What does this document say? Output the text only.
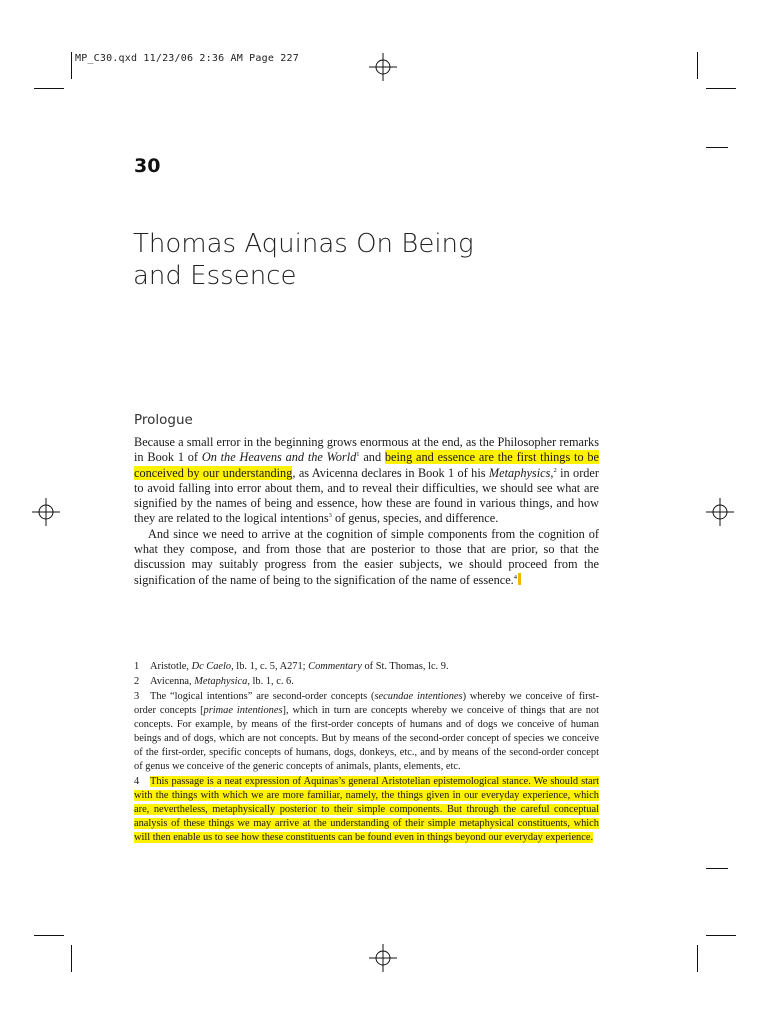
MP_C30.qxd 11/23/06 2:36 AM Page 227
30
Thomas Aquinas On Being
and Essence
Prologue

Because a small error in the beginning grows enormous at the end, as the Philosopher remarks in Book 1 of On the Heavens and the World$^1$ and being and essence are the first things to be conceived by our understanding, as Avicenna declares in Book 1 of his Metaphysics,$^2$ in order to avoid falling into error about them, and to reveal their difficulties, we should see what are signified by the names of being and essence, how these are found in various things, and how they are related to the logical intentions$^3$ of genus, species, and difference.

And since we need to arrive at the cognition of simple components from the cognition of what they compose, and from those that are posterior to those that are prior, so that the discussion may suitably progress from the easier subjects, we should proceed from the signification of the name of being to the signification of the name of essence.$^4$

1 Aristotle, Dc Caelo, lb. 1, c. 5, A271; Commentary of St. Thomas, lc. 9.
2 Avicenna, Metaphysica, lb. 1, c. 6.
3 The “logical intentions” are second-order concepts (secundae intentiones) whereby we conceive of first-order concepts [primae intentiones], which in turn are concepts whereby we conceive of things that are not concepts. For example, by means of the first-order concepts of humans and of dogs we conceive of human beings and of dogs, which are not concepts. But by means of the second-order concept of species we conceive of the first-order, specific concepts of humans, dogs, donkeys, etc., and by means of the second-order concept of genus we conceive of the generic concepts of animals, plants, elements, etc.
4 This passage is a neat expression of Aquinas’s general Aristotelian epistemological stance. We should start with the things with which we are more familiar, namely, the things given in our everyday experience, which are, nevertheless, metaphysically posterior to their simple components. But through the careful conceptual analysis of these things we may arrive at the understanding of their simple metaphysical constituents, which will then enable us to see how these constituents can be found even in things beyond our everyday experience.
